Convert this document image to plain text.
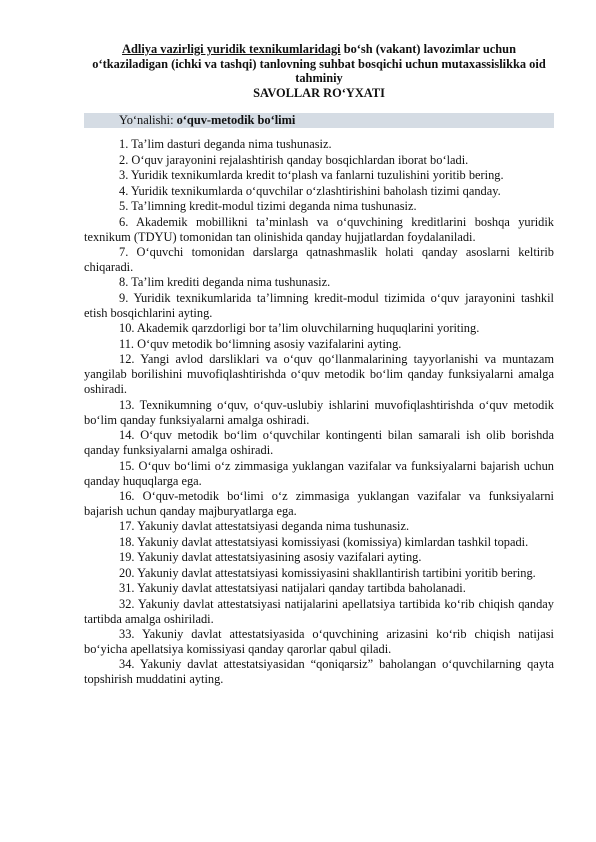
Adliya vazirligi yuridik texnikumlaridagi bo‘sh (vakant) lavozimlar uchun o‘tkaziladigan (ichki va tashqi) tanlovning suhbat bosqichi uchun mutaxassislikka oid tahminiy
SAVOLLAR RO‘YXATI
Yo‘nalishi: o‘quv-metodik bo‘limi

1. Ta’lim dasturi deganda nima tushunasiz.

2. O‘quv jarayonini rejalashtirish qanday bosqichlardan iborat bo‘ladi.

3. Yuridik texnikumlarda kredit to‘plash va fanlarni tuzulishini yoritib bering.

4. Yuridik texnikumlarda o‘quvchilar o‘zlashtirishini baholash tizimi qanday.

5. Ta’limning kredit-modul tizimi deganda nima tushunasiz.

6. Akademik mobillikni ta’minlash va o‘quvchining kreditlarini boshqa yuridik texnikum (TDYU) tomonidan tan olinishida qanday hujjatlardan foydalaniladi.

7. O‘quvchi tomonidan darslarga qatnashmaslik holati qanday asoslarni keltirib chiqaradi.

8. Ta’lim krediti deganda nima tushunasiz.

9. Yuridik texnikumlarida ta’limning kredit-modul tizimida o‘quv jarayonini tashkil etish bosqichlarini ayting.

10. Akademik qarzdorligi bor ta’lim oluvchilarning huquqlarini yoriting.

11. O‘quv metodik bo‘limning asosiy vazifalarini ayting.

12. Yangi avlod darsliklari va o‘quv qo‘llanmalarining tayyorlanishi va muntazam yangilab borilishini muvofiqlashtirishda o‘quv metodik bo‘lim qanday funksiyalarni amalga oshiradi.

13. Texnikumning o‘quv, o‘quv-uslubiy ishlarini muvofiqlashtirishda o‘quv metodik bo‘lim qanday funksiyalarni amalga oshiradi.

14. O‘quv metodik bo‘lim o‘quvchilar kontingenti bilan samarali ish olib borishda qanday funksiyalarni amalga oshiradi.

15. O‘quv bo‘limi o‘z zimmasiga yuklangan vazifalar va funksiyalarni bajarish uchun qanday huquqlarga ega.

16. O‘quv-metodik bo‘limi o‘z zimmasiga yuklangan vazifalar va funksiyalarni bajarish uchun qanday majburyatlarga ega.

17. Yakuniy davlat attestatsiyasi deganda nima tushunasiz.

18. Yakuniy davlat attestatsiyasi komissiyasi (komissiya) kimlardan tashkil topadi.

19. Yakuniy davlat attestatsiyasining asosiy vazifalari ayting.

20. Yakuniy davlat attestatsiyasi komissiyasini shakllantirish tartibini yoritib bering.

31. Yakuniy davlat attestatsiyasi natijalari qanday tartibda baholanadi.

32. Yakuniy davlat attestatsiyasi natijalarini apellatsiya tartibida ko‘rib chiqish qanday tartibda amalga oshiriladi.

33. Yakuniy davlat attestatsiyasida o‘quvchining arizasini ko‘rib chiqish natijasi bo‘yicha apellatsiya komissiyasi qanday qarorlar qabul qiladi.

34. Yakuniy davlat attestatsiyasidan “qoniqarsiz” baholangan o‘quvchilarning qayta topshirish muddatini ayting.
